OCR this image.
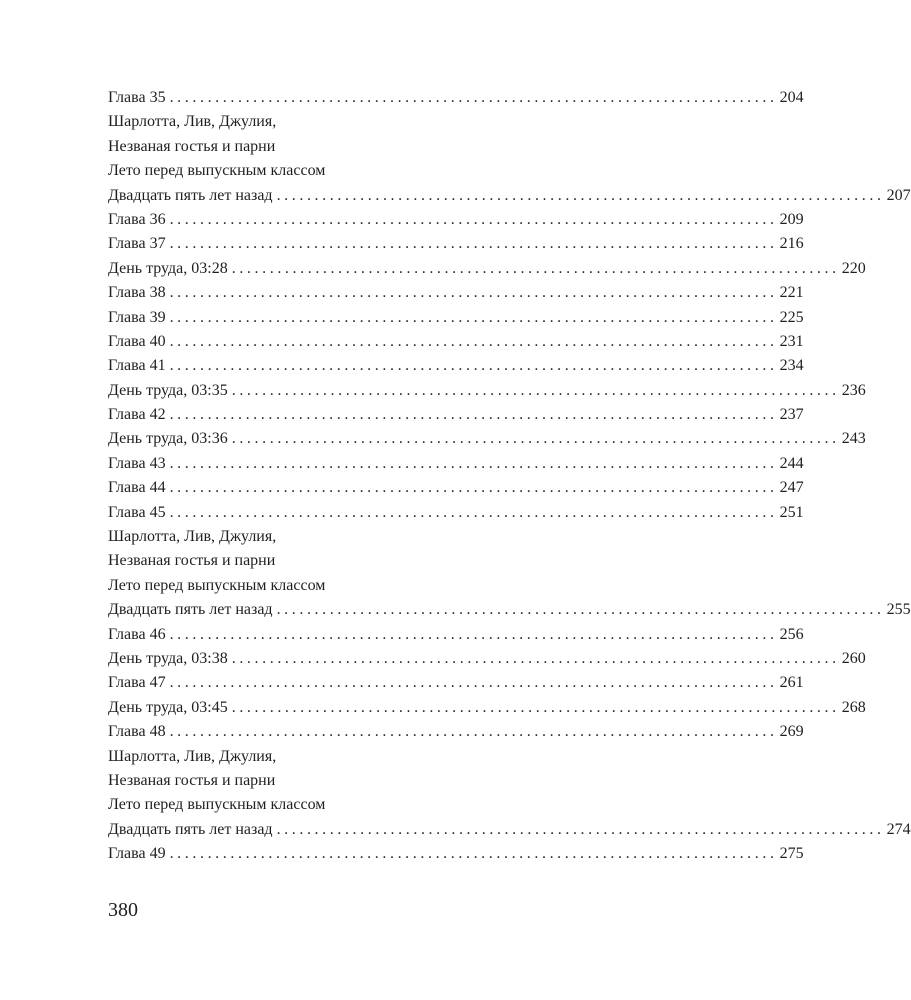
Глава 35 ................................................................................ 204
Шарлотта, Лив, Джулия,
Незваная гостья и парни
Лето перед выпускным классом
Двадцать пять лет назад ................................................................................ 207
Глава 36 ................................................................................ 209
Глава 37 ................................................................................ 216
День труда, 03:28 ................................................................................ 220
Глава 38 ................................................................................ 221
Глава 39 ................................................................................ 225
Глава 40 ................................................................................ 231
Глава 41 ................................................................................ 234
День труда, 03:35 ................................................................................ 236
Глава 42 ................................................................................ 237
День труда, 03:36 ................................................................................ 243
Глава 43 ................................................................................ 244
Глава 44 ................................................................................ 247
Глава 45 ................................................................................ 251
Шарлотта, Лив, Джулия,
Незваная гостья и парни
Лето перед выпускным классом
Двадцать пять лет назад ................................................................................ 255
Глава 46 ................................................................................ 256
День труда, 03:38 ................................................................................ 260
Глава 47 ................................................................................ 261
День труда, 03:45 ................................................................................ 268
Глава 48 ................................................................................ 269
Шарлотта, Лив, Джулия,
Незваная гостья и парни
Лето перед выпускным классом
Двадцать пять лет назад ................................................................................ 274
Глава 49 ................................................................................ 275
380
